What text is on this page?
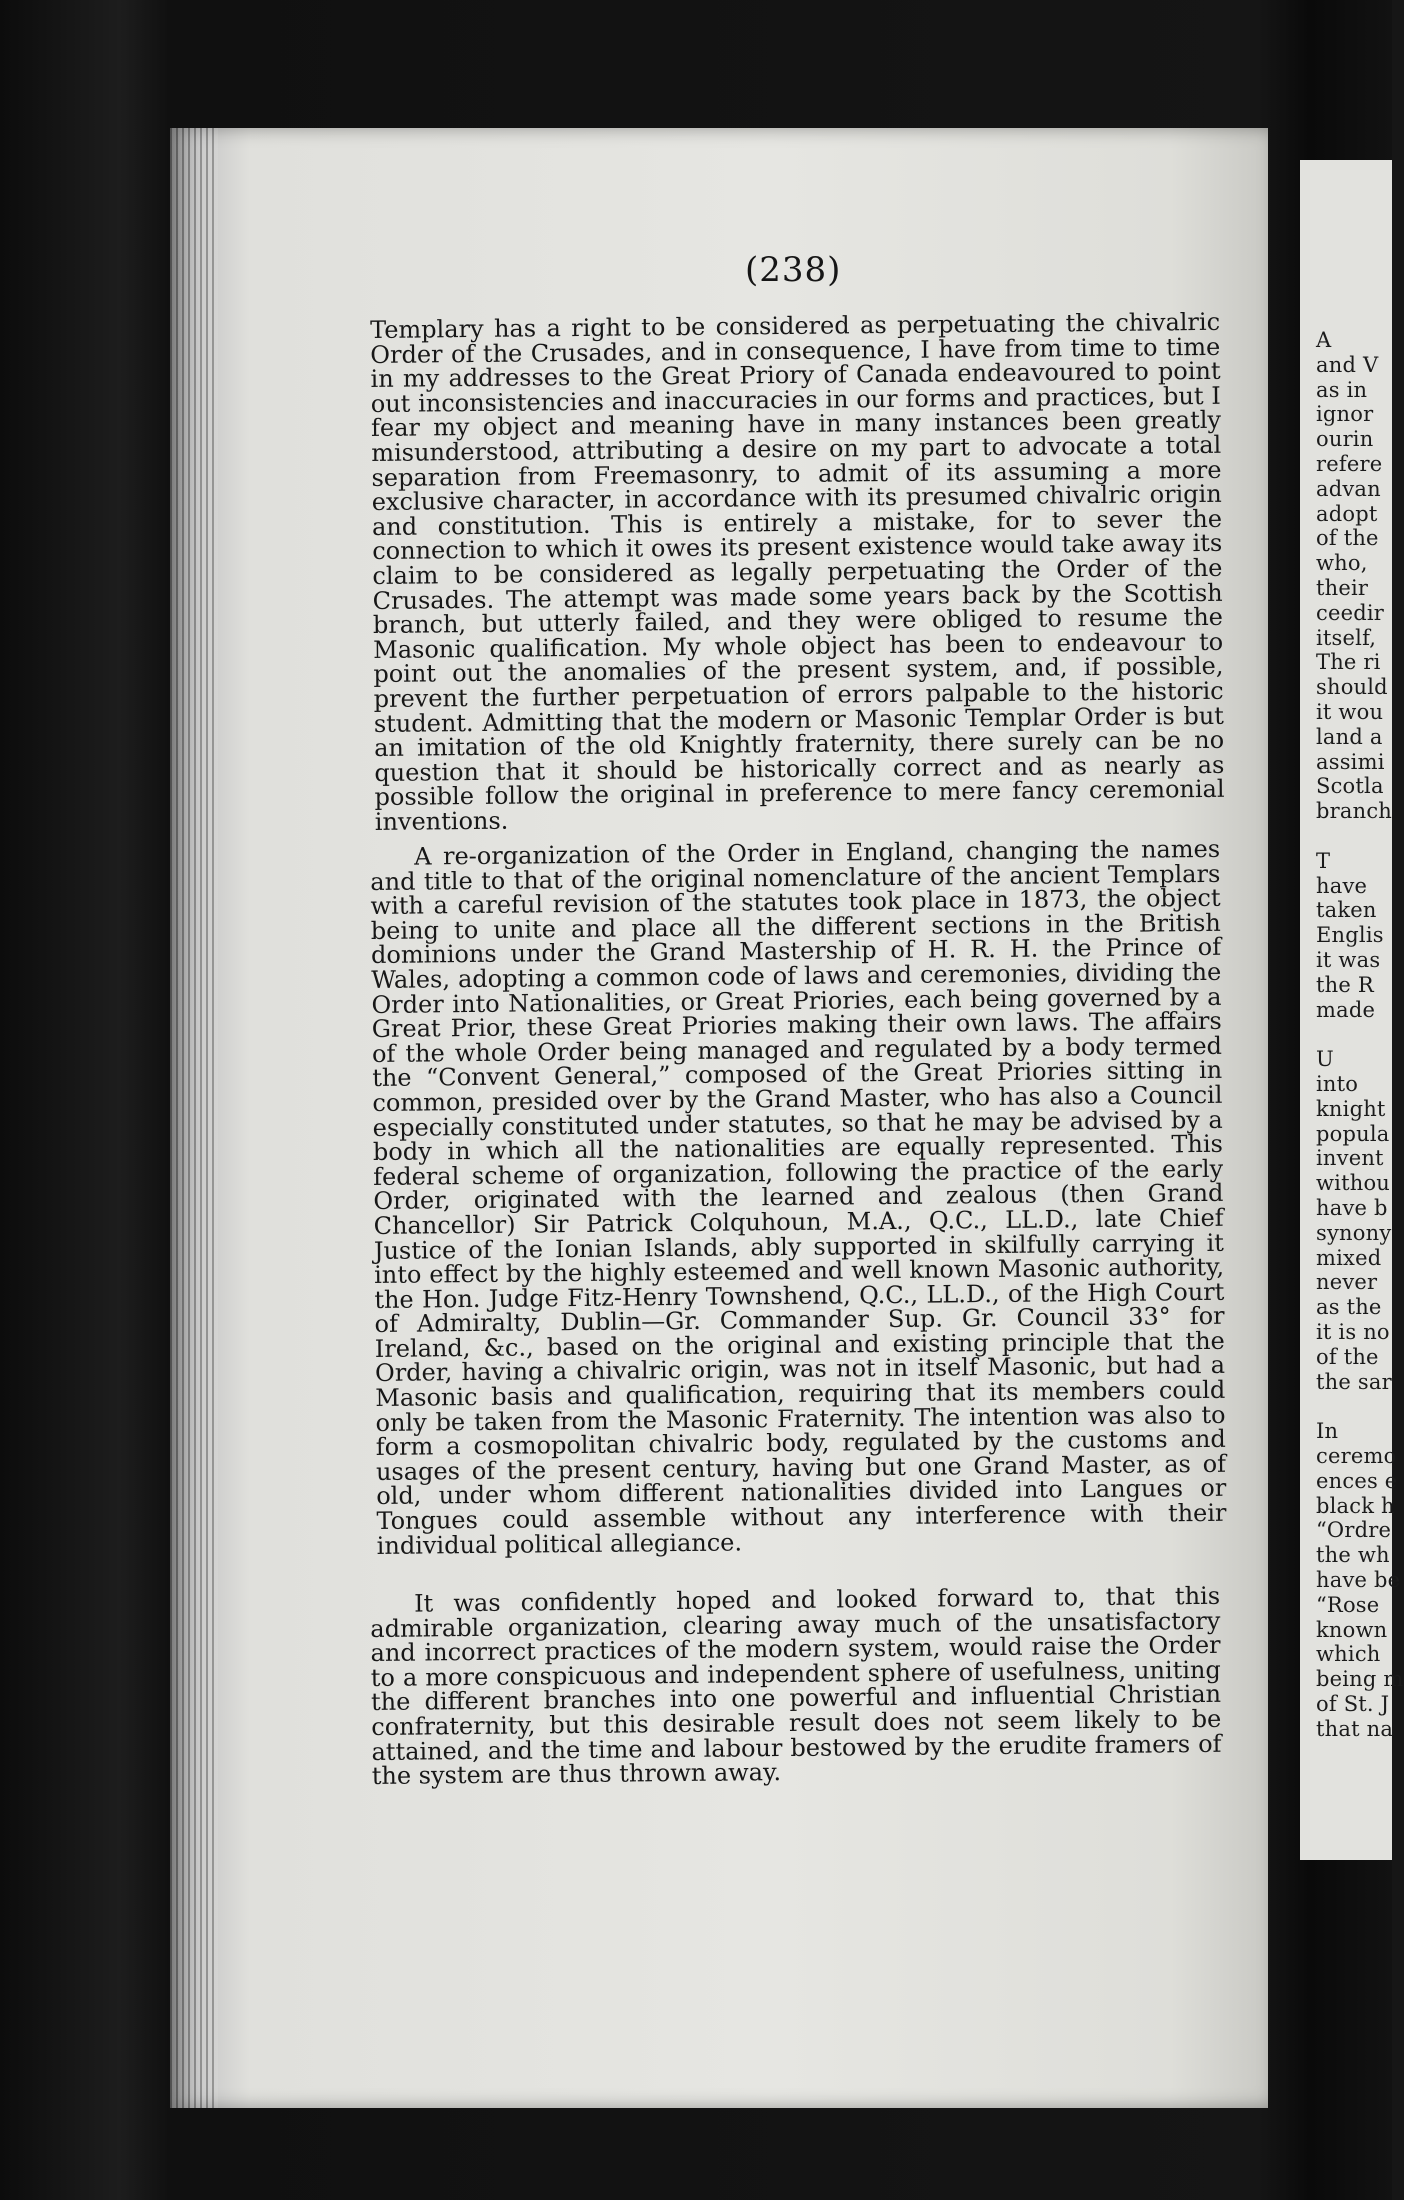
A
and V
as in
ignor
ourin
refere
advan
adopt
of the
who,
their
ceedir
itself,
The ri
should
it wou
land a
assimi
Scotla
branch
T
have
taken
Englis
it was
the R
made
U
into
knight
popula
invent
withou
have b
synony
mixed
never
as the
it is no
of the
the sar
In
ceremo
ences e
black h
“Ordre
the wh
have be
“Rose
known
which
being m
of St. J
that na
(238)

Templary has a right to be considered as perpetuating the chivalric Order of the Crusades, and in consequence, I have from time to time in my addresses to the Great Priory of Canada endeavoured to point out inconsistencies and inaccuracies in our forms and practices, but I fear my object and meaning have in many instances been greatly misunderstood, attributing a desire on my part to advocate a total separation from Freemasonry, to admit of its assuming a more exclusive character, in accordance with its presumed chivalric origin and constitution. This is entirely a mistake, for to sever the connection to which it owes its present existence would take away its claim to be considered as legally perpetuating the Order of the Crusades. The attempt was made some years back by the Scottish branch, but utterly failed, and they were obliged to resume the Masonic qualification. My whole object has been to endeavour to point out the anomalies of the present system, and, if possible, prevent the further perpetuation of errors palpable to the historic student. Admitting that the modern or Masonic Templar Order is but an imitation of the old Knightly fraternity, there surely can be no question that it should be historically correct and as nearly as possible follow the original in preference to mere fancy ceremonial inventions.

A re-organization of the Order in England, changing the names and title to that of the original nomenclature of the ancient Templars with a careful revision of the statutes took place in 1873, the object being to unite and place all the different sections in the British dominions under the Grand Mastership of H. R. H. the Prince of Wales, adopting a common code of laws and ceremonies, dividing the Order into Nationalities, or Great Priories, each being governed by a Great Prior, these Great Priories making their own laws. The affairs of the whole Order being managed and regulated by a body termed the “Convent General,” composed of the Great Priories sitting in common, presided over by the Grand Master, who has also a Council especially constituted under statutes, so that he may be advised by a body in which all the nationalities are equally represented. This federal scheme of organization, following the practice of the early Order, originated with the learned and zealous (then Grand Chancellor) Sir Patrick Colquhoun, M.A., Q.C., LL.D., late Chief Justice of the Ionian Islands, ably supported in skilfully carrying it into effect by the highly esteemed and well known Masonic authority, the Hon. Judge Fitz-Henry Townshend, Q.C., LL.D., of the High Court of Admiralty, Dublin—Gr. Commander Sup. Gr. Council 33° for Ireland, &c., based on the original and existing principle that the Order, having a chivalric origin, was not in itself Masonic, but had a Masonic basis and qualification, requiring that its members could only be taken from the Masonic Fraternity. The intention was also to form a cosmopolitan chivalric body, regulated by the customs and usages of the present century, having but one Grand Master, as of old, under whom different nationalities divided into Langues or Tongues could assemble without any interference with their individual political allegiance.

It was confidently hoped and looked forward to, that this admirable organization, clearing away much of the unsatisfactory and incorrect practices of the modern system, would raise the Order to a more conspicuous and independent sphere of usefulness, uniting the different branches into one powerful and influential Christian confraternity, but this desirable result does not seem likely to be attained, and the time and labour bestowed by the erudite framers of the system are thus thrown away.
